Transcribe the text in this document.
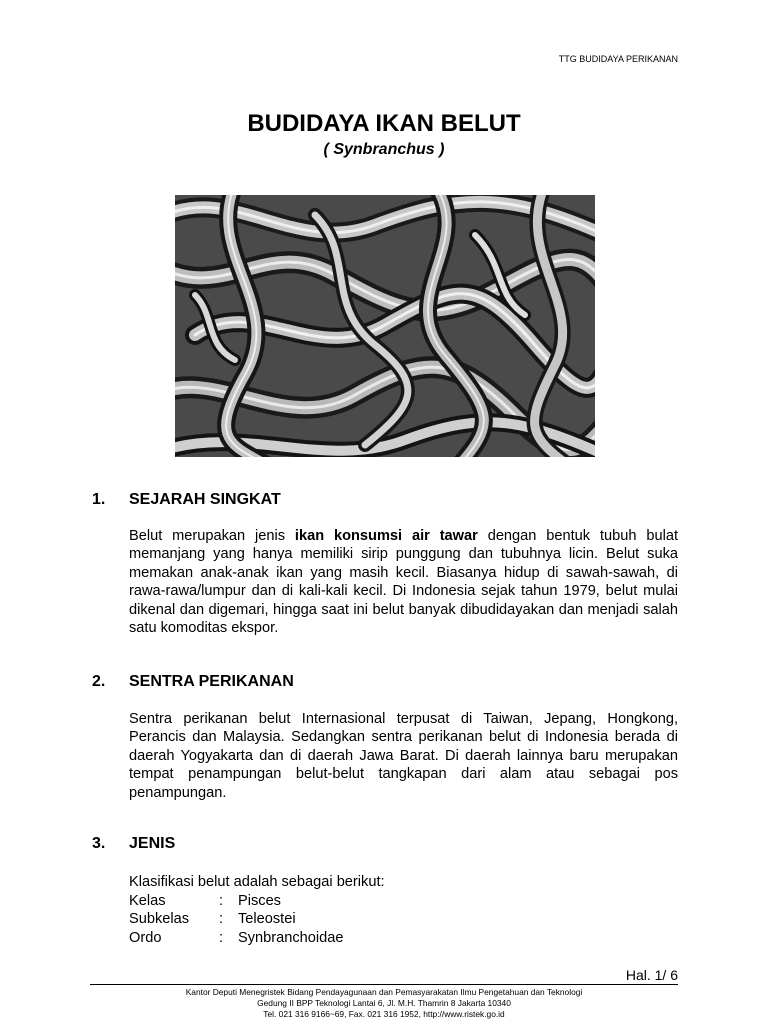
TTG BUDIDAYA PERIKANAN
BUDIDAYA IKAN BELUT
( Synbranchus )
1. SEJARAH SINGKAT
Belut merupakan jenis ikan konsumsi air tawar dengan bentuk tubuh bulat memanjang yang hanya memiliki sirip punggung dan tubuhnya licin. Belut suka memakan anak-anak ikan yang masih kecil. Biasanya hidup di sawah-sawah, di rawa-rawa/lumpur dan di kali-kali kecil. Di Indonesia sejak tahun 1979, belut mulai dikenal dan digemari, hingga saat ini belut banyak dibudidayakan dan menjadi salah satu komoditas ekspor.
2. SENTRA PERIKANAN
Sentra perikanan belut Internasional terpusat di Taiwan, Jepang, Hongkong, Perancis dan Malaysia. Sedangkan sentra perikanan belut di Indonesia berada di daerah Yogyakarta dan di daerah Jawa Barat. Di daerah lainnya baru merupakan tempat penampungan belut-belut tangkapan dari alam atau sebagai pos penampungan.
3. JENIS
Klasifikasi belut adalah sebagai berikut:
Kelas	:	Pisces
Subkelas	:	Teleostei
Ordo	:	Synbranchoidae
Hal. 1/ 6
Kantor Deputi Menegristek Bidang Pendayagunaan dan Pemasyarakatan Ilmu Pengetahuan dan Teknologi
Gedung II BPP Teknologi Lantai 6, Jl. M.H. Thamrin 8 Jakarta 10340
Tel. 021 316 9166~69, Fax. 021 316 1952, http://www.ristek.go.id
